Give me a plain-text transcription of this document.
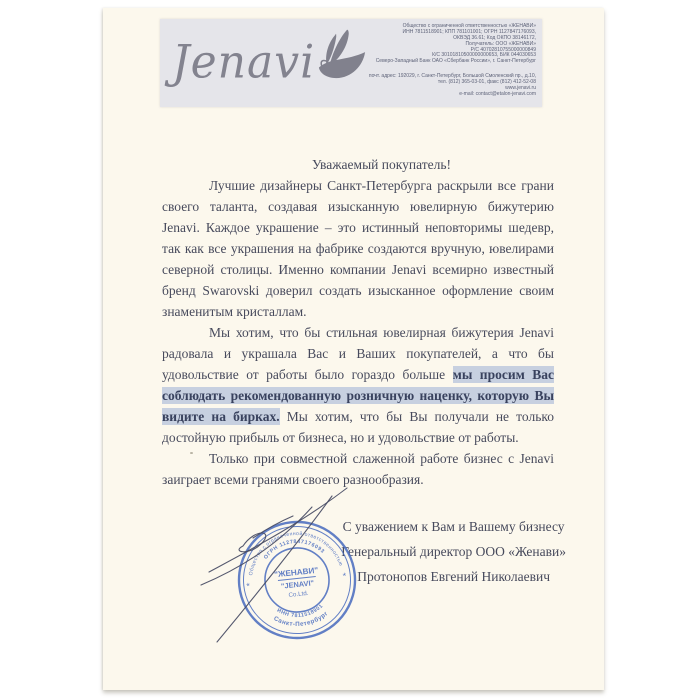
Jenavi
Общество с ограниченной ответственностью «ЖЕНАВИ»
ИНН 7811518901; КПП 781101001; ОГРН 1127847176093,
ОКВЭД 36.61; Код ОКПО 38146172,
Получатель: ООО «ЖЕНАВИ»
Р/С 40702810755000000849
К/С 30101810500000000653, БИК 044030653
Северо-Западный Банк ОАО «Сбербанк России», г. Санкт-Петербург
почт. адрес: 192029, г. Санкт-Петербург, Большой Смоленский пр., д.10,
тел. (812) 365-03-01, факс (812) 412-52-08
www.jenavi.ru
e-mail: contact@etalon-jenavi.com

Уважаемый покупатель!

Лучшие дизайнеры Санкт-Петербурга раскрыли все грани своего таланта, создавая изысканную ювелирную бижутерию Jenavi. Каждое украшение – это истинный неповторимы шедевр, так как все украшения на фабрике создаются вручную, ювелирами северной столицы. Именно компании Jenavi всемирно известный бренд Swarovski доверил создать изысканное оформление своим знаменитым кристаллам.

Мы хотим, что бы стильная ювелирная бижутерия Jenavi радовала и украшала Вас и Ваших покупателей, а что бы удовольствие от работы было гораздо больше мы просим Вас соблюдать рекомендованную розничную наценку, которую Вы видите на бирках. Мы хотим, что бы Вы получали не только достойную прибыль от бизнеса, но и удовольствие от работы.

Только при совместной слаженной работе бизнес с Jenavi заиграет всеми гранями своего разнообразия.

С уважением к Вам и Вашему бизнесу
Генеральный директор ООО «Женави»
Протонопов Евгений Николаевич
Общество с ограниченной ответственностью
ОГРН 1127847176093
ИНН 7811518901
Санкт-Петербург
*
*
"ЖЕНАВИ"
"JENAVI"
Co.Ltd.
